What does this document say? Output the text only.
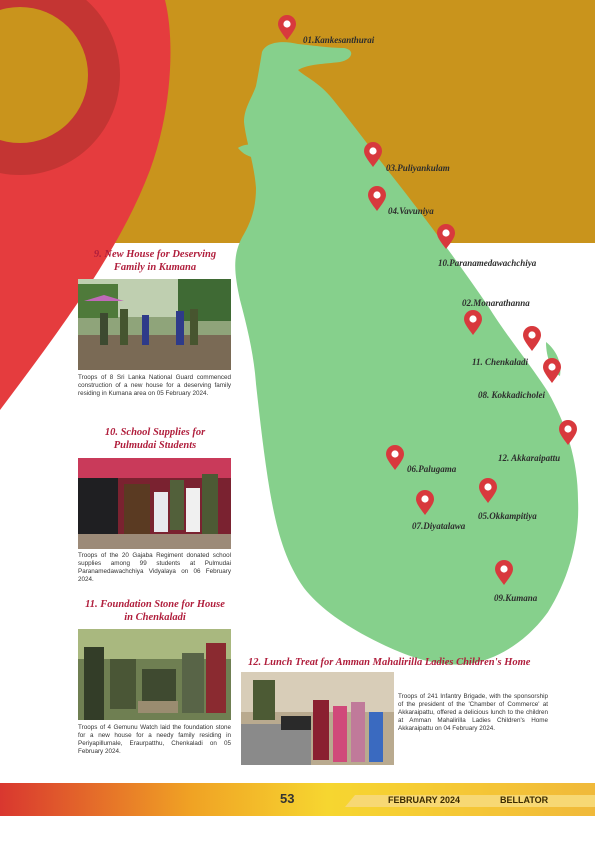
01.Kankesanthurai
03.Puliyankulam
04.Vavuniya
10.Paranamedawachchiya
02.Monarathanna
11. Chenkaladi
08. Kokkadicholei
12. Akkaraipattu
06.Palugama
05.Okkampitiya
07.Diyatalawa
09.Kumana
9. New House for Deserving
Family in Kumana
Troops of 8 Sri Lanka National Guard commenced construction of a new house for a deserving family residing in Kumana area on 05 February 2024.
10. School Supplies for
Pulmudai Students
Troops of the 20 Gajaba Regiment donated school supplies among 99 students at Pulmudai Paranamedawachchiya Vidyalaya on 06 February 2024.
11. Foundation Stone for House
in Chenkaladi
Troops of 4 Gemunu Watch laid the foundation stone for a new house for a needy family residing in Periyapillumale, Eraurpatthu, Chenkaladi on 05 February 2024.
12. Lunch Treat for Amman Mahalirilla Ladies Children's Home
Troops of 241 Infantry Brigade, with the sponsorship of the president of the 'Chamber of Commerce' at Akkaraipattu, offered a delicious lunch to the children at Amman Mahalirilla Ladies Children's Home Akkaraipattu on 04 February 2024.
53	FEBRUARY 2024	BELLATOR
